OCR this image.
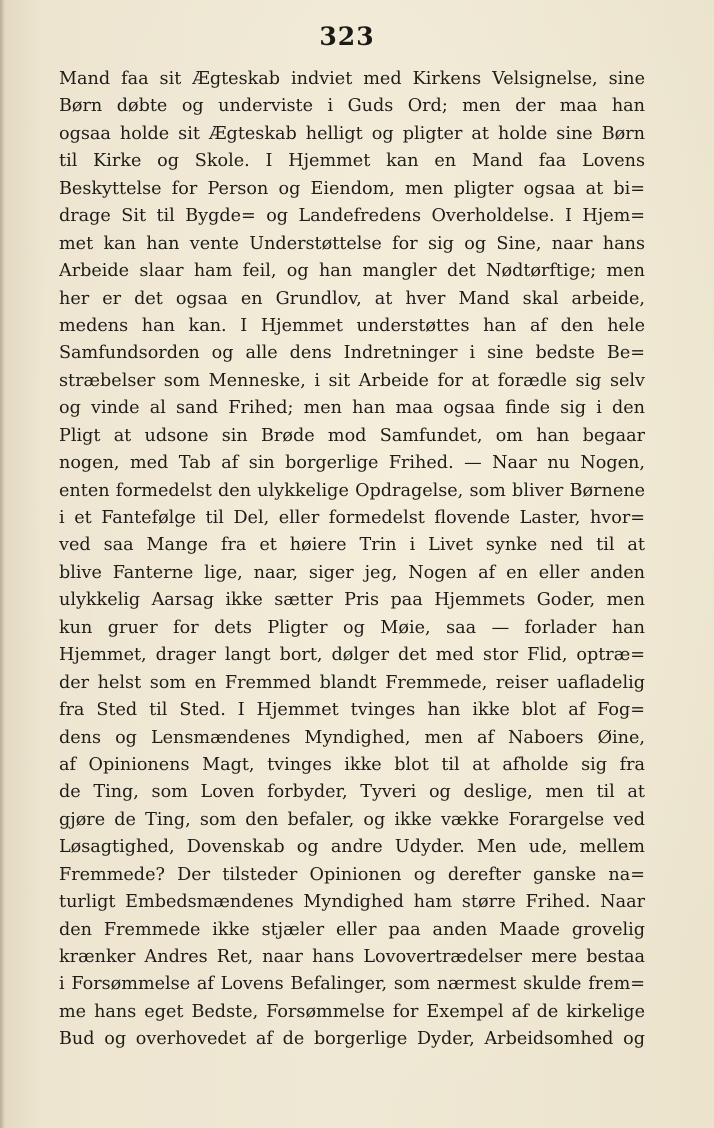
323
Mand faa sit Ægteskab indviet med Kirkens Velsignelse, sine
Børn døbte og underviste i Guds Ord; men der maa han
ogsaa holde sit Ægteskab helligt og pligter at holde sine Børn
til Kirke og Skole. I Hjemmet kan en Mand faa Lovens
Beskyttelse for Person og Eiendom, men pligter ogsaa at bi=
drage Sit til Bygde= og Landefredens Overholdelse. I Hjem=
met kan han vente Understøttelse for sig og Sine, naar hans
Arbeide slaar ham feil, og han mangler det Nødtørftige; men
her er det ogsaa en Grundlov, at hver Mand skal arbeide,
medens han kan. I Hjemmet understøttes han af den hele
Samfundsorden og alle dens Indretninger i sine bedste Be=
stræbelser som Menneske, i sit Arbeide for at forædle sig selv
og vinde al sand Frihed; men han maa ogsaa finde sig i den
Pligt at udsone sin Brøde mod Samfundet, om han begaar
nogen, med Tab af sin borgerlige Frihed. — Naar nu Nogen,
enten formedelst den ulykkelige Opdragelse, som bliver Børnene
i et Fantefølge til Del, eller formedelst flovende Laster, hvor=
ved saa Mange fra et høiere Trin i Livet synke ned til at
blive Fanterne lige, naar, siger jeg, Nogen af en eller anden
ulykkelig Aarsag ikke sætter Pris paa Hjemmets Goder, men
kun gruer for dets Pligter og Møie, saa — forlader han
Hjemmet, drager langt bort, dølger det med stor Flid, optræ=
der helst som en Fremmed blandt Fremmede, reiser uafladelig
fra Sted til Sted. I Hjemmet tvinges han ikke blot af Fog=
dens og Lensmændenes Myndighed, men af Naboers Øine,
af Opinionens Magt, tvinges ikke blot til at afholde sig fra
de Ting, som Loven forbyder, Tyveri og deslige, men til at
gjøre de Ting, som den befaler, og ikke vække Forargelse ved
Løsagtighed, Dovenskab og andre Udyder. Men ude, mellem
Fremmede? Der tilsteder Opinionen og derefter ganske na=
turligt Embedsmændenes Myndighed ham større Frihed. Naar
den Fremmede ikke stjæler eller paa anden Maade grovelig
krænker Andres Ret, naar hans Lovovertrædelser mere bestaa
i Forsømmelse af Lovens Befalinger, som nærmest skulde frem=
me hans eget Bedste, Forsømmelse for Exempel af de kirkelige
Bud og overhovedet af de borgerlige Dyder, Arbeidsomhed og
